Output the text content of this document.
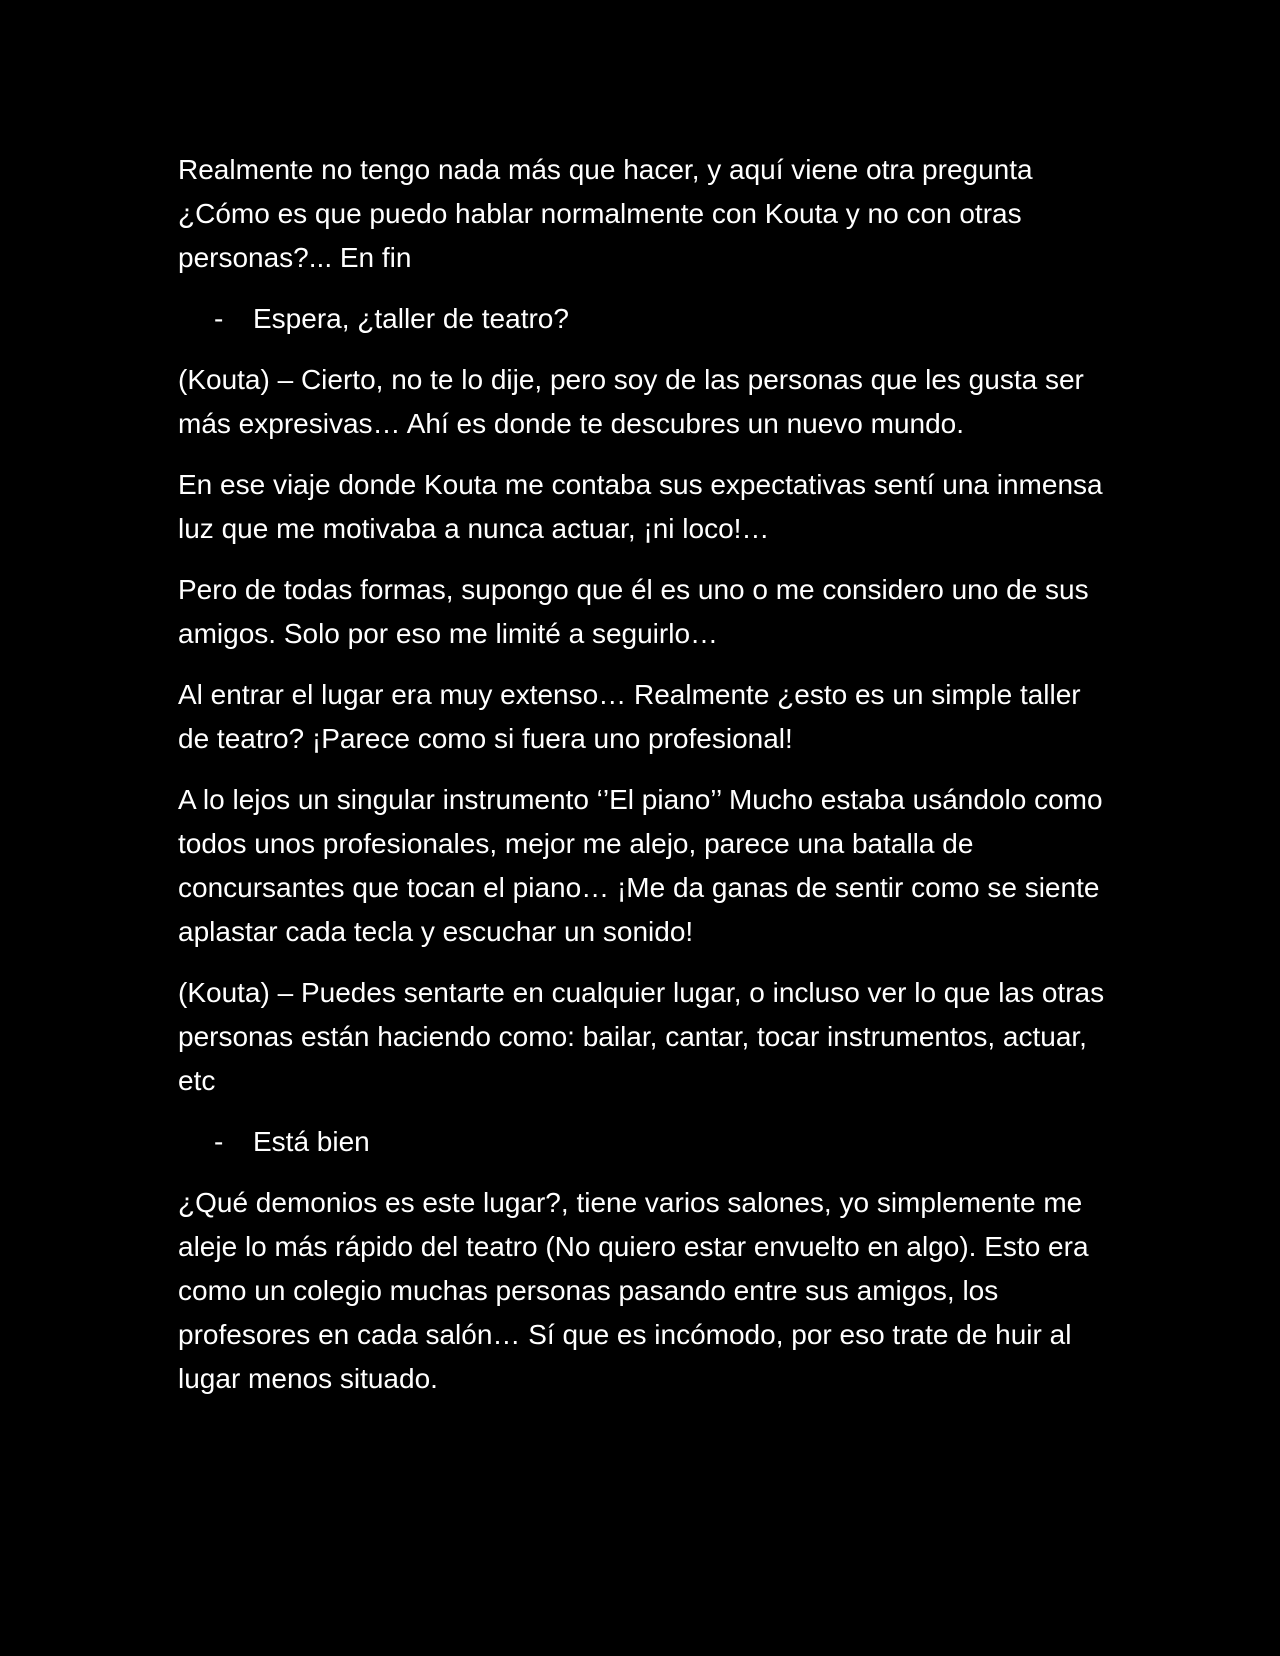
Realmente no tengo nada más que hacer, y aquí viene otra pregunta ¿Cómo es que puedo hablar normalmente con Kouta y no con otras personas?... En fin

- Espera, ¿taller de teatro?

(Kouta) – Cierto, no te lo dije, pero soy de las personas que les gusta ser más expresivas… Ahí es donde te descubres un nuevo mundo.

En ese viaje donde Kouta me contaba sus expectativas sentí una inmensa luz que me motivaba a nunca actuar, ¡ni loco!…

Pero de todas formas, supongo que él es uno o me considero uno de sus amigos. Solo por eso me limité a seguirlo…

Al entrar el lugar era muy extenso… Realmente ¿esto es un simple taller de teatro? ¡Parece como si fuera uno profesional!

A lo lejos un singular instrumento ‘’El piano’’ Mucho estaba usándolo como todos unos profesionales, mejor me alejo, parece una batalla de concursantes que tocan el piano… ¡Me da ganas de sentir como se siente aplastar cada tecla y escuchar un sonido!

(Kouta) – Puedes sentarte en cualquier lugar, o incluso ver lo que las otras personas están haciendo como: bailar, cantar, tocar instrumentos, actuar, etc

- Está bien

¿Qué demonios es este lugar?, tiene varios salones, yo simplemente me aleje lo más rápido del teatro (No quiero estar envuelto en algo). Esto era como un colegio muchas personas pasando entre sus amigos, los profesores en cada salón… Sí que es incómodo, por eso trate de huir al lugar menos situado.
